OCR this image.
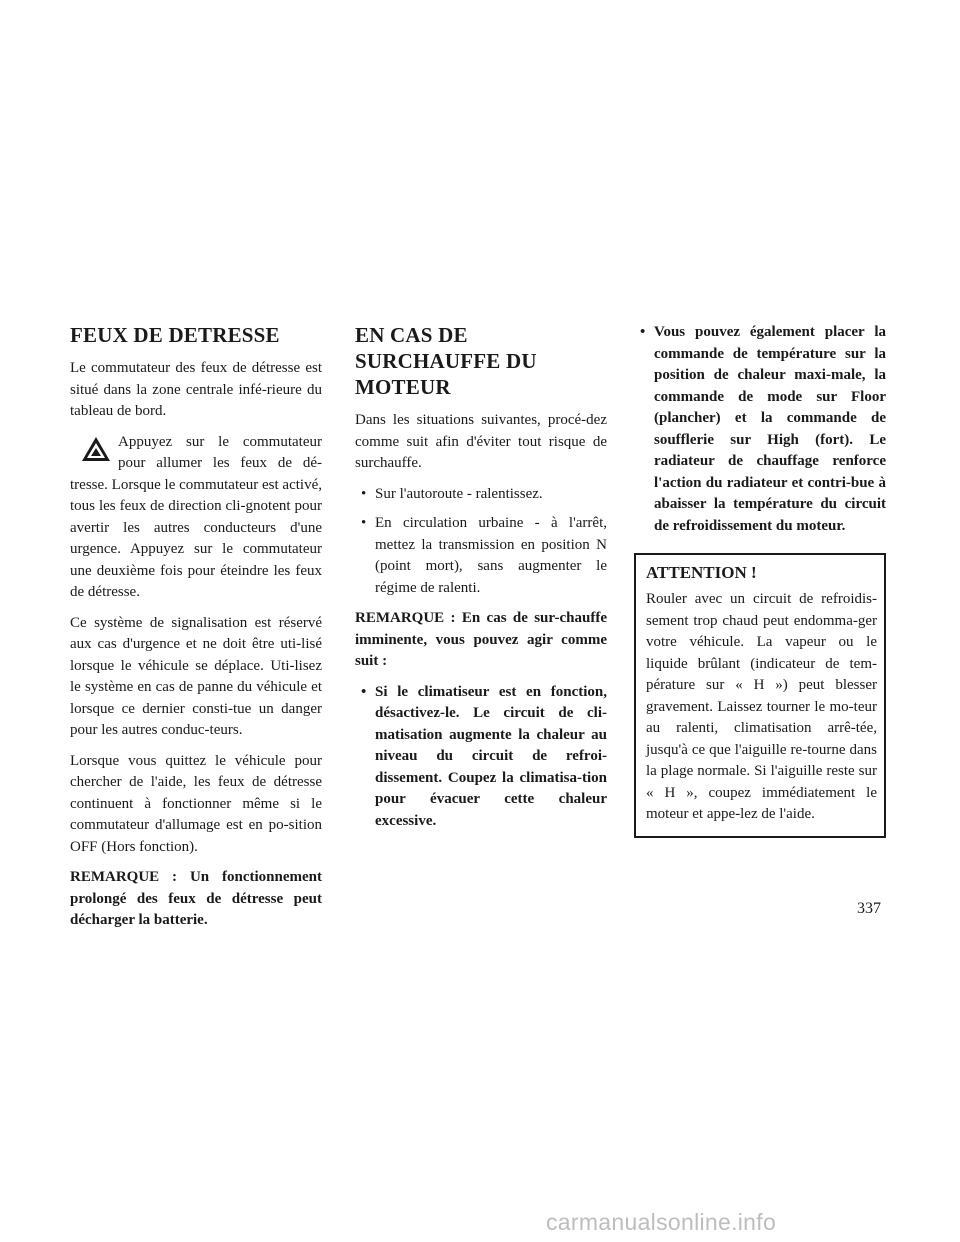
FEUX DE DETRESSE

Le commutateur des feux de détresse est situé dans la zone centrale infé-rieure du tableau de bord.

Appuyez sur le commutateur pour allumer les feux de dé-tresse. Lorsque le commutateur est activé, tous les feux de direction cli-gnotent pour avertir les autres conducteurs d'une urgence. Appuyez sur le commutateur une deuxième fois pour éteindre les feux de détresse.

Ce système de signalisation est réservé aux cas d'urgence et ne doit être uti-lisé lorsque le véhicule se déplace. Uti-lisez le système en cas de panne du véhicule et lorsque ce dernier consti-tue un danger pour les autres conduc-teurs.

Lorsque vous quittez le véhicule pour chercher de l'aide, les feux de détresse continuent à fonctionner même si le commutateur d'allumage est en po-sition OFF (Hors fonction).

REMARQUE : Un fonctionnement prolongé des feux de détresse peut décharger la batterie.

EN CAS DE SURCHAUFFE DU MOTEUR

Dans les situations suivantes, procé-dez comme suit afin d'éviter tout risque de surchauffe.

• Sur l'autoroute - ralentissez.
• En circulation urbaine - à l'arrêt, mettez la transmission en position N (point mort), sans augmenter le régime de ralenti.

REMARQUE : En cas de sur-chauffe imminente, vous pouvez agir comme suit :

• Si le climatiseur est en fonction, désactivez-le. Le circuit de cli-matisation augmente la chaleur au niveau du circuit de refroi-dissement. Coupez la climatisa-tion pour évacuer cette chaleur excessive.
• Vous pouvez également placer la commande de température sur la position de chaleur maxi-male, la commande de mode sur Floor (plancher) et la commande de soufflerie sur High (fort). Le radiateur de chauffage renforce l'action du radiateur et contri-bue à abaisser la température du circuit de refroidissement du moteur.
ATTENTION !

Rouler avec un circuit de refroidis-sement trop chaud peut endomma-ger votre véhicule. La vapeur ou le liquide brûlant (indicateur de tem-pérature sur « H ») peut blesser gravement. Laissez tourner le mo-teur au ralenti, climatisation arrê-tée, jusqu'à ce que l'aiguille re-tourne dans la plage normale. Si l'aiguille reste sur « H », coupez immédiatement le moteur et appe-lez de l'aide.

337
carmanualsonline.info
